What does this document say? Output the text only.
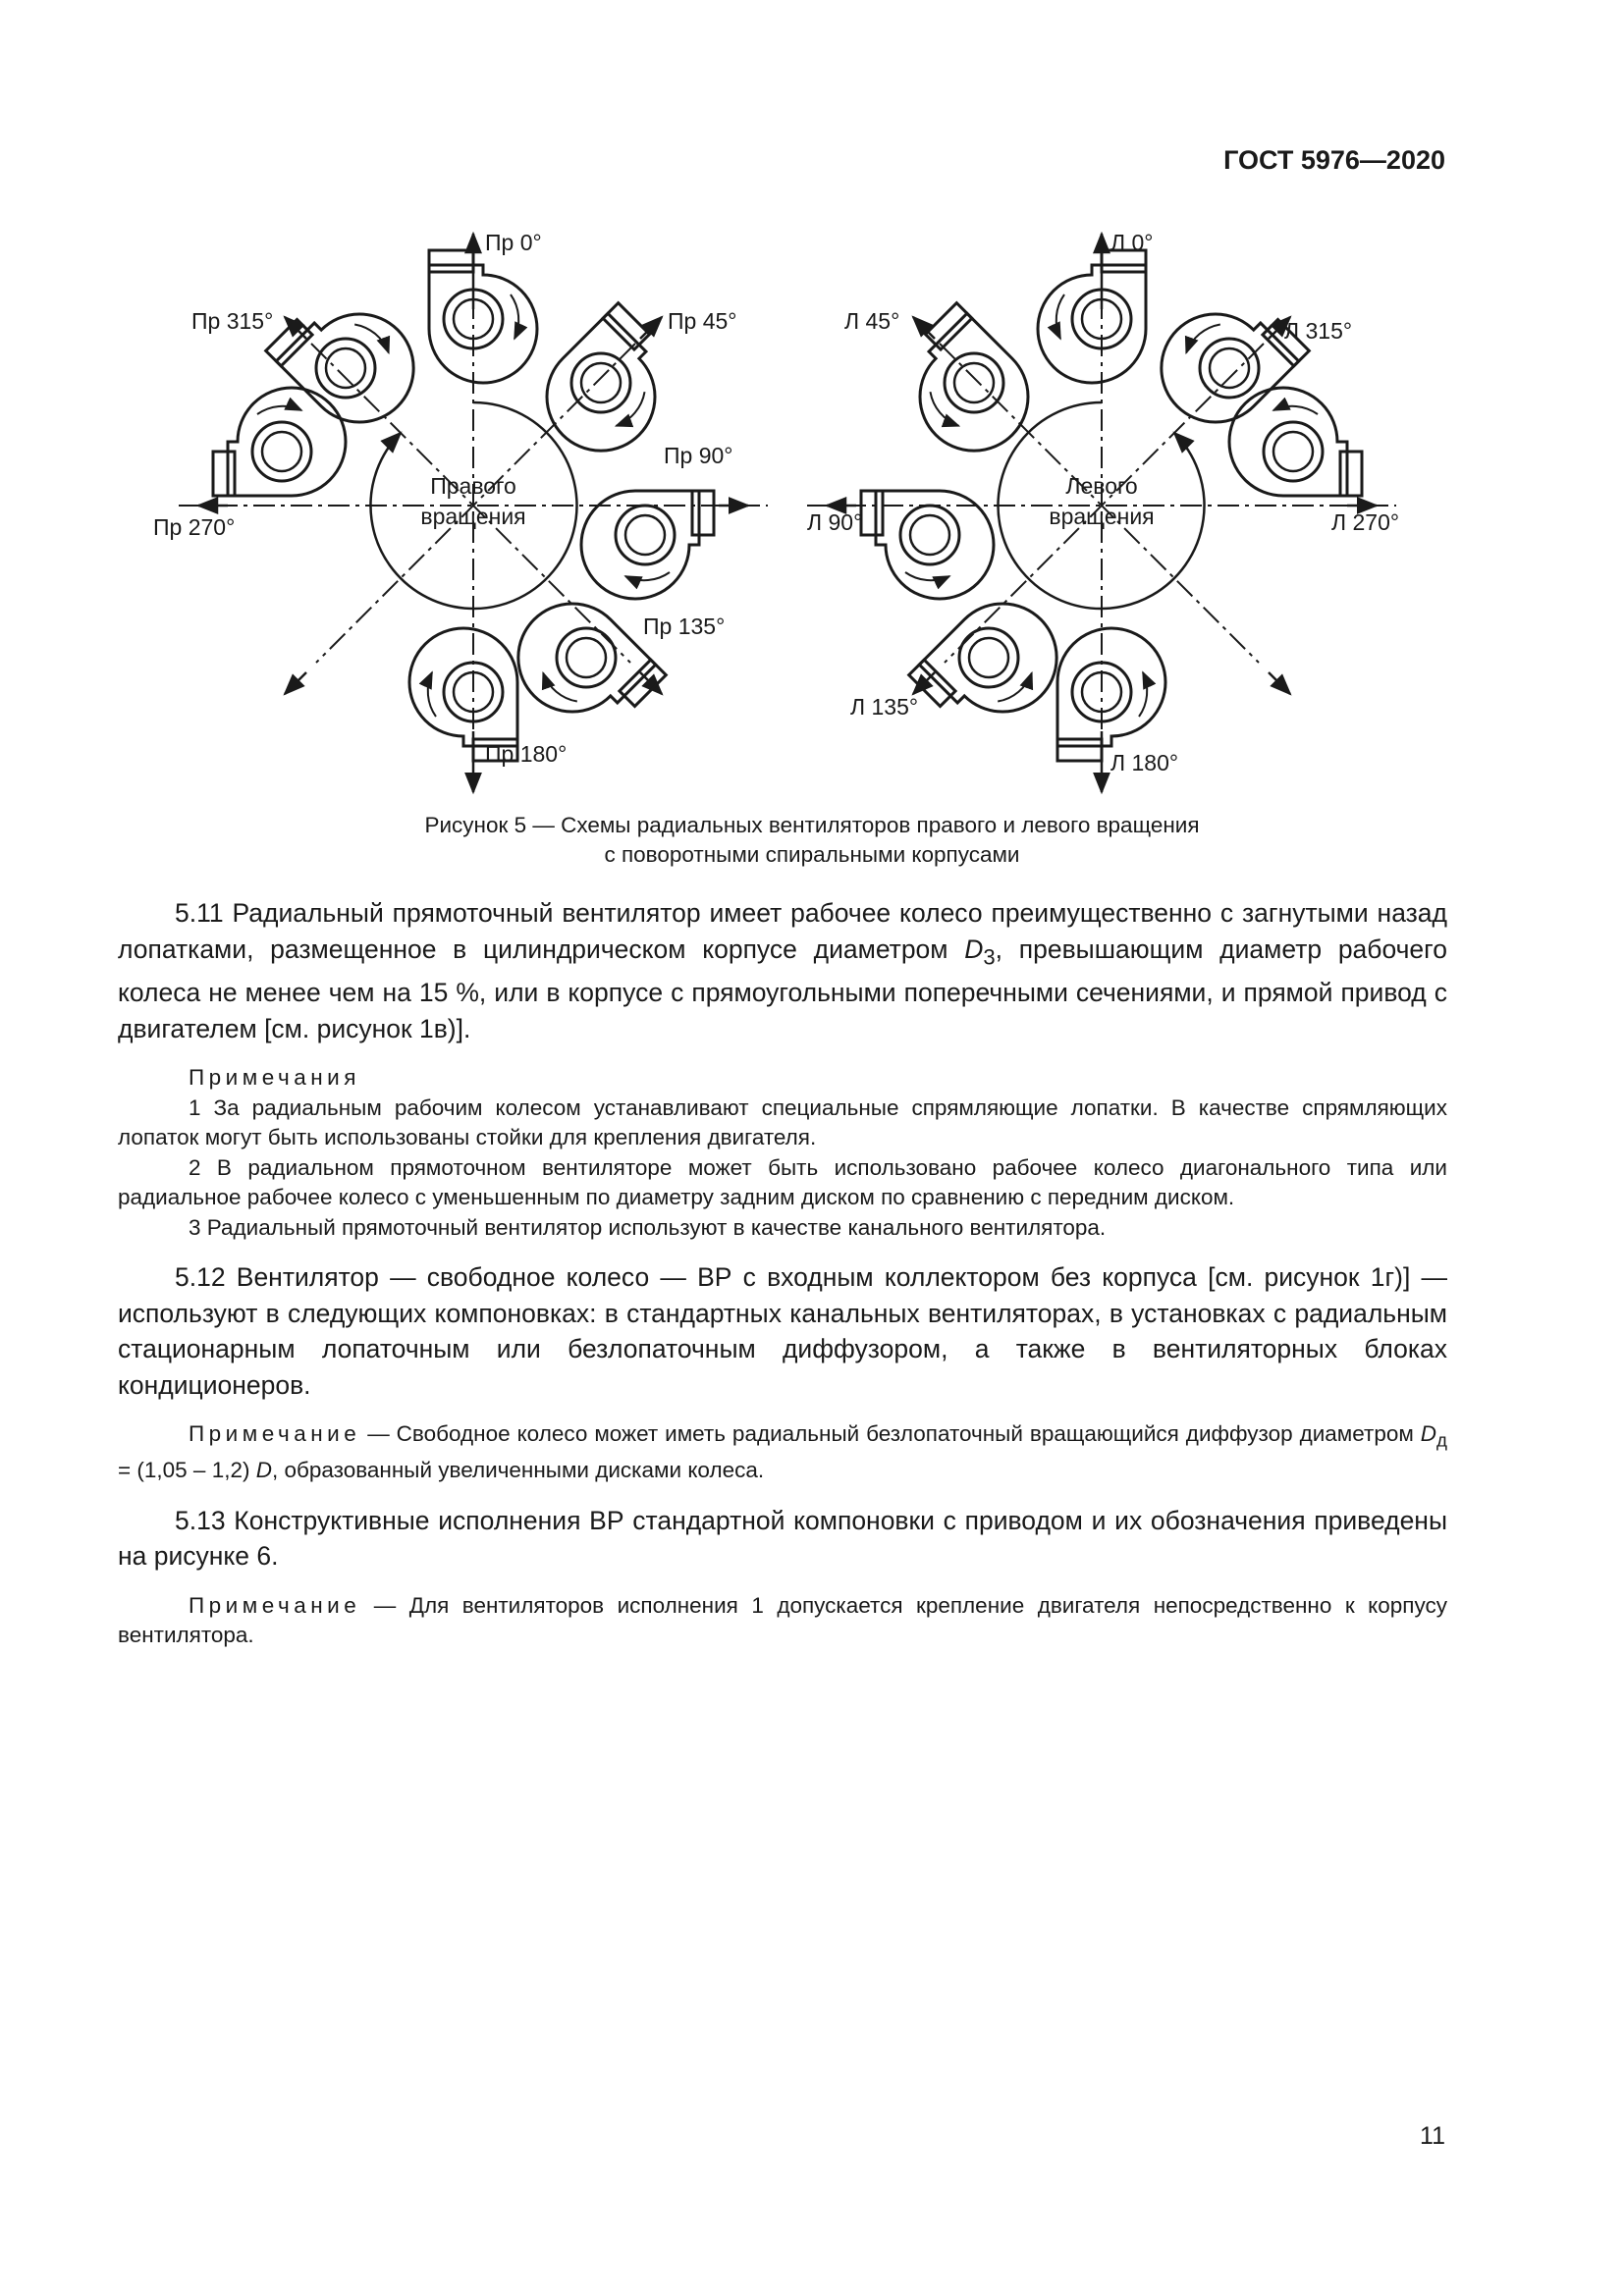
ГОСТ 5976—2020
Пр 0°
Пр 45°
Пр 90°
Пр 135°
Пр 180°
Пр 270°
Пр 315°
Правого
вращения
Л 0°
Л 45°
Л 90°
Л 135°
Л 180°
Л 270°
Л 315°
Левого
вращения
Рисунок 5 — Схемы радиальных вентиляторов правого и левого вращения
с поворотными спиральными корпусами

5.11 Радиальный прямоточный вентилятор имеет рабочее колесо преимущественно с загнутыми назад лопатками, размещенное в цилиндрическом корпусе диаметром $D_3$, превышающим диаметр рабочего колеса не менее чем на 15 %, или в корпусе с прямоугольными поперечными сечениями, и прямой привод с двигателем [см. рисунок 1в)].

Примечания

1 За радиальным рабочим колесом устанавливают специальные спрямляющие лопатки. В качестве спрямляющих лопаток могут быть использованы стойки для крепления двигателя.

2 В радиальном прямоточном вентиляторе может быть использовано рабочее колесо диагонального типа или радиальное рабочее колесо с уменьшенным по диаметру задним диском по сравнению с передним диском.

3 Радиальный прямоточный вентилятор используют в качестве канального вентилятора.

5.12 Вентилятор — свободное колесо — ВР с входным коллектором без корпуса [см. рисунок 1г)] — используют в следующих компоновках: в стандартных канальных вентиляторах, в установках с радиальным стационарным лопаточным или безлопаточным диффузором, а также в вентиляторных блоках кондиционеров.

Примечание — Свободное колесо может иметь радиальный безлопаточный вращающийся диффузор диаметром $D_д = (1,05 - 1,2)$ D, образованный увеличенными дисками колеса.

5.13 Конструктивные исполнения ВР стандартной компоновки с приводом и их обозначения приведены на рисунке 6.

Примечание — Для вентиляторов исполнения 1 допускается крепление двигателя непосредственно к корпусу вентилятора.

11
